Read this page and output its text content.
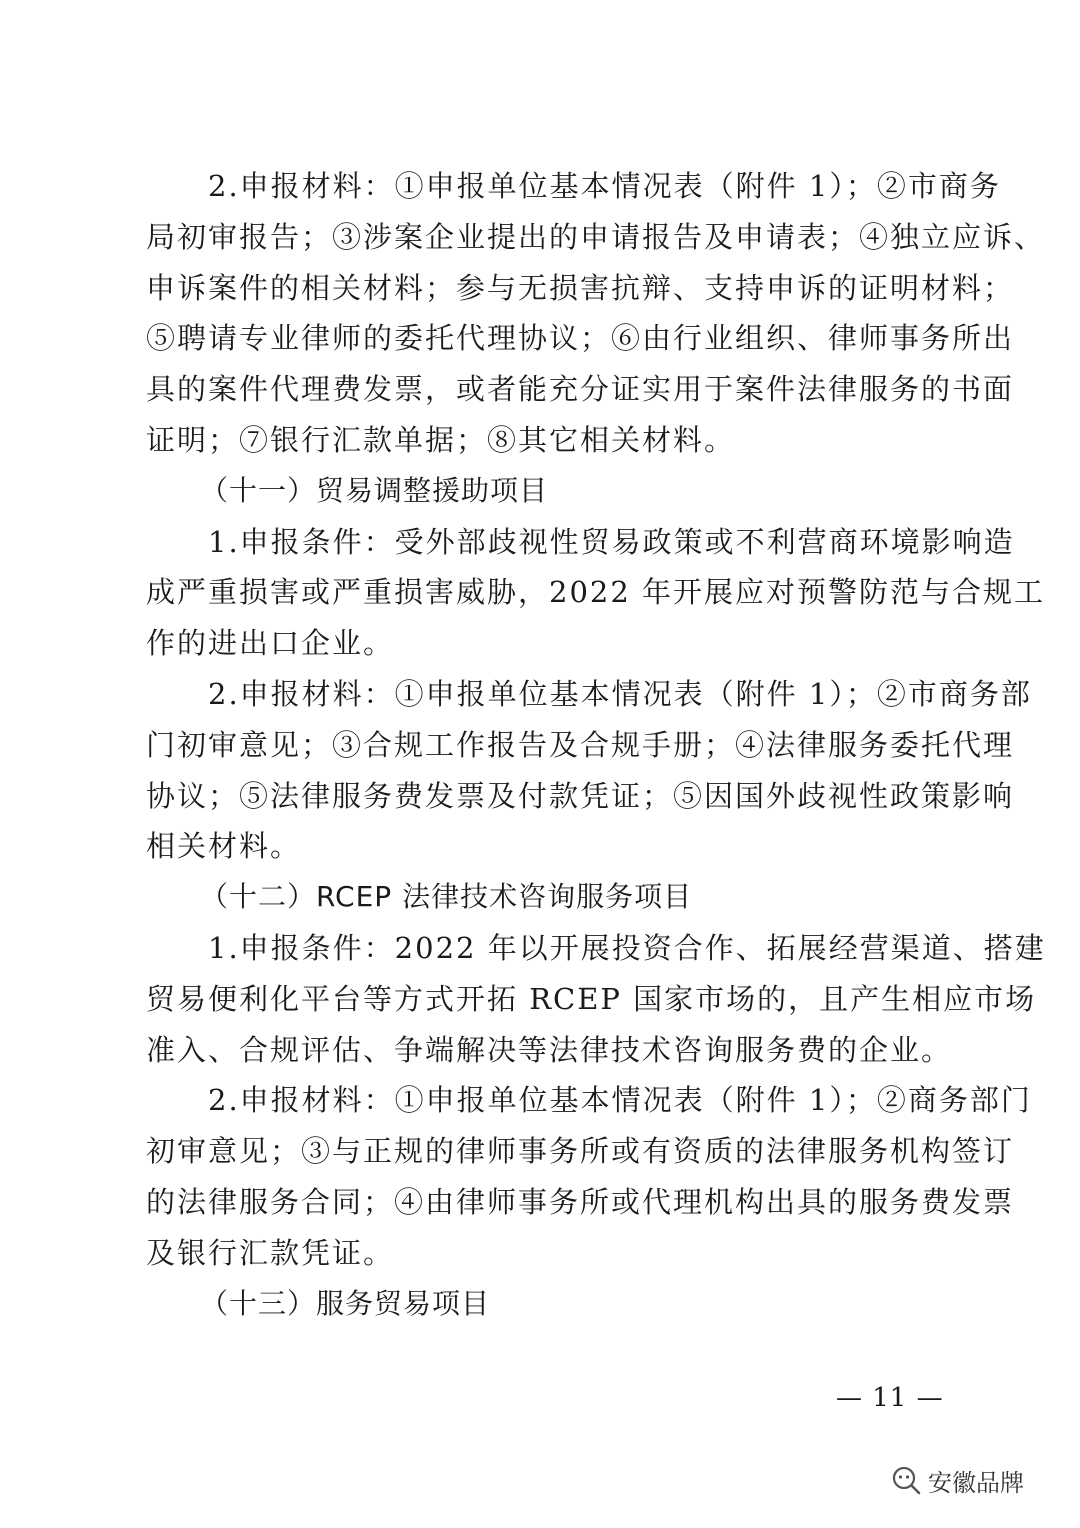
　　2.申报材料：①申报单位基本情况表（附件 1）；②市商务
局初审报告；③涉案企业提出的申请报告及申请表；④独立应诉、
申诉案件的相关材料；参与无损害抗辩、支持申诉的证明材料；
⑤聘请专业律师的委托代理协议；⑥由行业组织、律师事务所出
具的案件代理费发票，或者能充分证实用于案件法律服务的书面
证明；⑦银行汇款单据；⑧其它相关材料。
（十一）贸易调整援助项目
　　1.申报条件：受外部歧视性贸易政策或不利营商环境影响造
成严重损害或严重损害威胁，2022 年开展应对预警防范与合规工
作的进出口企业。
　　2.申报材料：①申报单位基本情况表（附件 1）；②市商务部
门初审意见；③合规工作报告及合规手册；④法律服务委托代理
协议；⑤法律服务费发票及付款凭证；⑤因国外歧视性政策影响
相关材料。
（十二）RCEP 法律技术咨询服务项目
　　1.申报条件：2022 年以开展投资合作、拓展经营渠道、搭建
贸易便利化平台等方式开拓 RCEP 国家市场的，且产生相应市场
准入、合规评估、争端解决等法律技术咨询服务费的企业。
　　2.申报材料：①申报单位基本情况表（附件 1）；②商务部门
初审意见；③与正规的律师事务所或有资质的法律服务机构签订
的法律服务合同；④由律师事务所或代理机构出具的服务费发票
及银行汇款凭证。
（十三）服务贸易项目
— 11 —
安徽品牌
